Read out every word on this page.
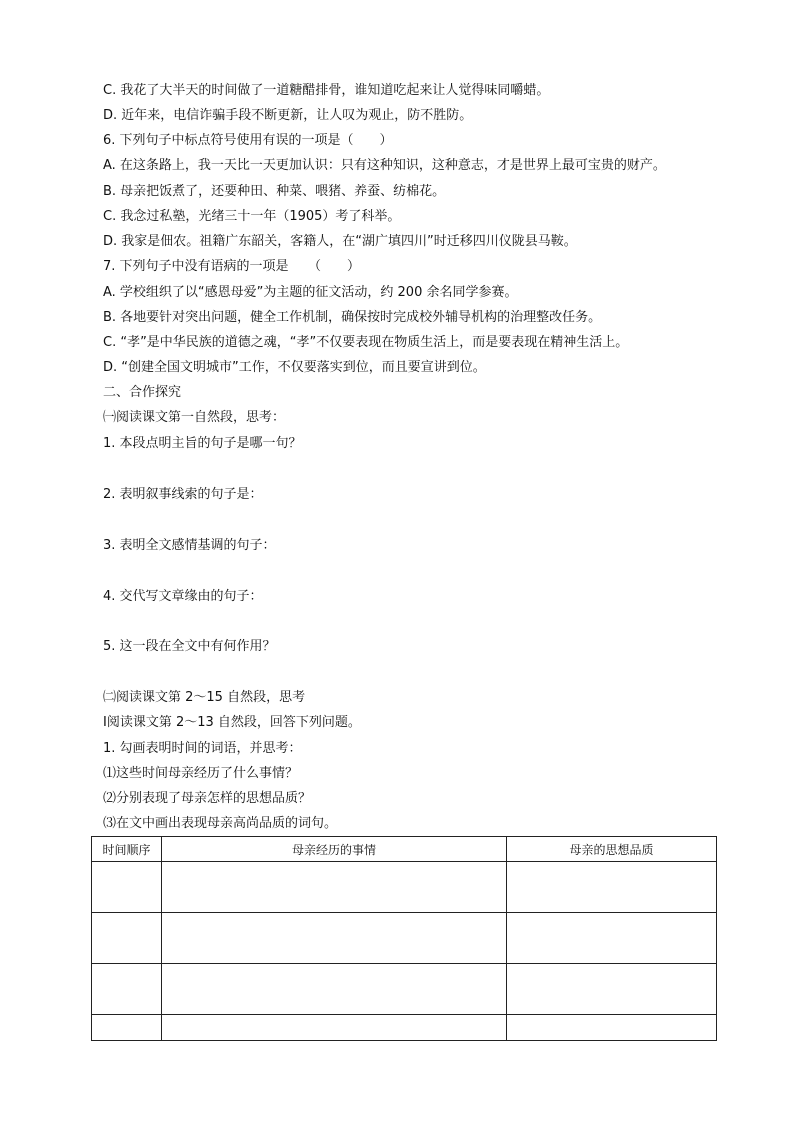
C. 我花了大半天的时间做了一道糖醋排骨，谁知道吃起来让人觉得味同嚼蜡。
D. 近年来，电信诈骗手段不断更新，让人叹为观止，防不胜防。
6. 下列句子中标点符号使用有误的一项是（　　）
A. 在这条路上，我一天比一天更加认识：只有这种知识，这种意志，才是世界上最可宝贵的财产。
B. 母亲把饭煮了，还要种田、种菜、喂猪、养蚕、纺棉花。
C. 我念过私塾，光绪三十一年（1905）考了科举。
D. 我家是佃农。祖籍广东韶关，客籍人，在“湖广填四川”时迁移四川仪陇县马鞍。
7. 下列句子中没有语病的一项是　　（　　）
A. 学校组织了以“感恩母爱”为主题的征文活动，约 200 余名同学参赛。
B. 各地要针对突出问题，健全工作机制，确保按时完成校外辅导机构的治理整改任务。
C. “孝”是中华民族的道德之魂，“孝”不仅要表现在物质生活上，而是要表现在精神生活上。
D. “创建全国文明城市”工作，不仅要落实到位，而且要宣讲到位。
二、合作探究
㈠阅读课文第一自然段，思考：
1. 本段点明主旨的句子是哪一句？
2. 表明叙事线索的句子是：
3. 表明全文感情基调的句子：
4. 交代写文章缘由的句子：
5. 这一段在全文中有何作用？
㈡阅读课文第 2～15 自然段，思考
Ⅰ阅读课文第 2～13 自然段，回答下列问题。
1. 勾画表明时间的词语，并思考：
⑴这些时间母亲经历了什么事情？
⑵分别表现了母亲怎样的思想品质？
⑶在文中画出表现母亲高尚品质的词句。
时间顺序	母亲经历的事情	母亲的思想品质
